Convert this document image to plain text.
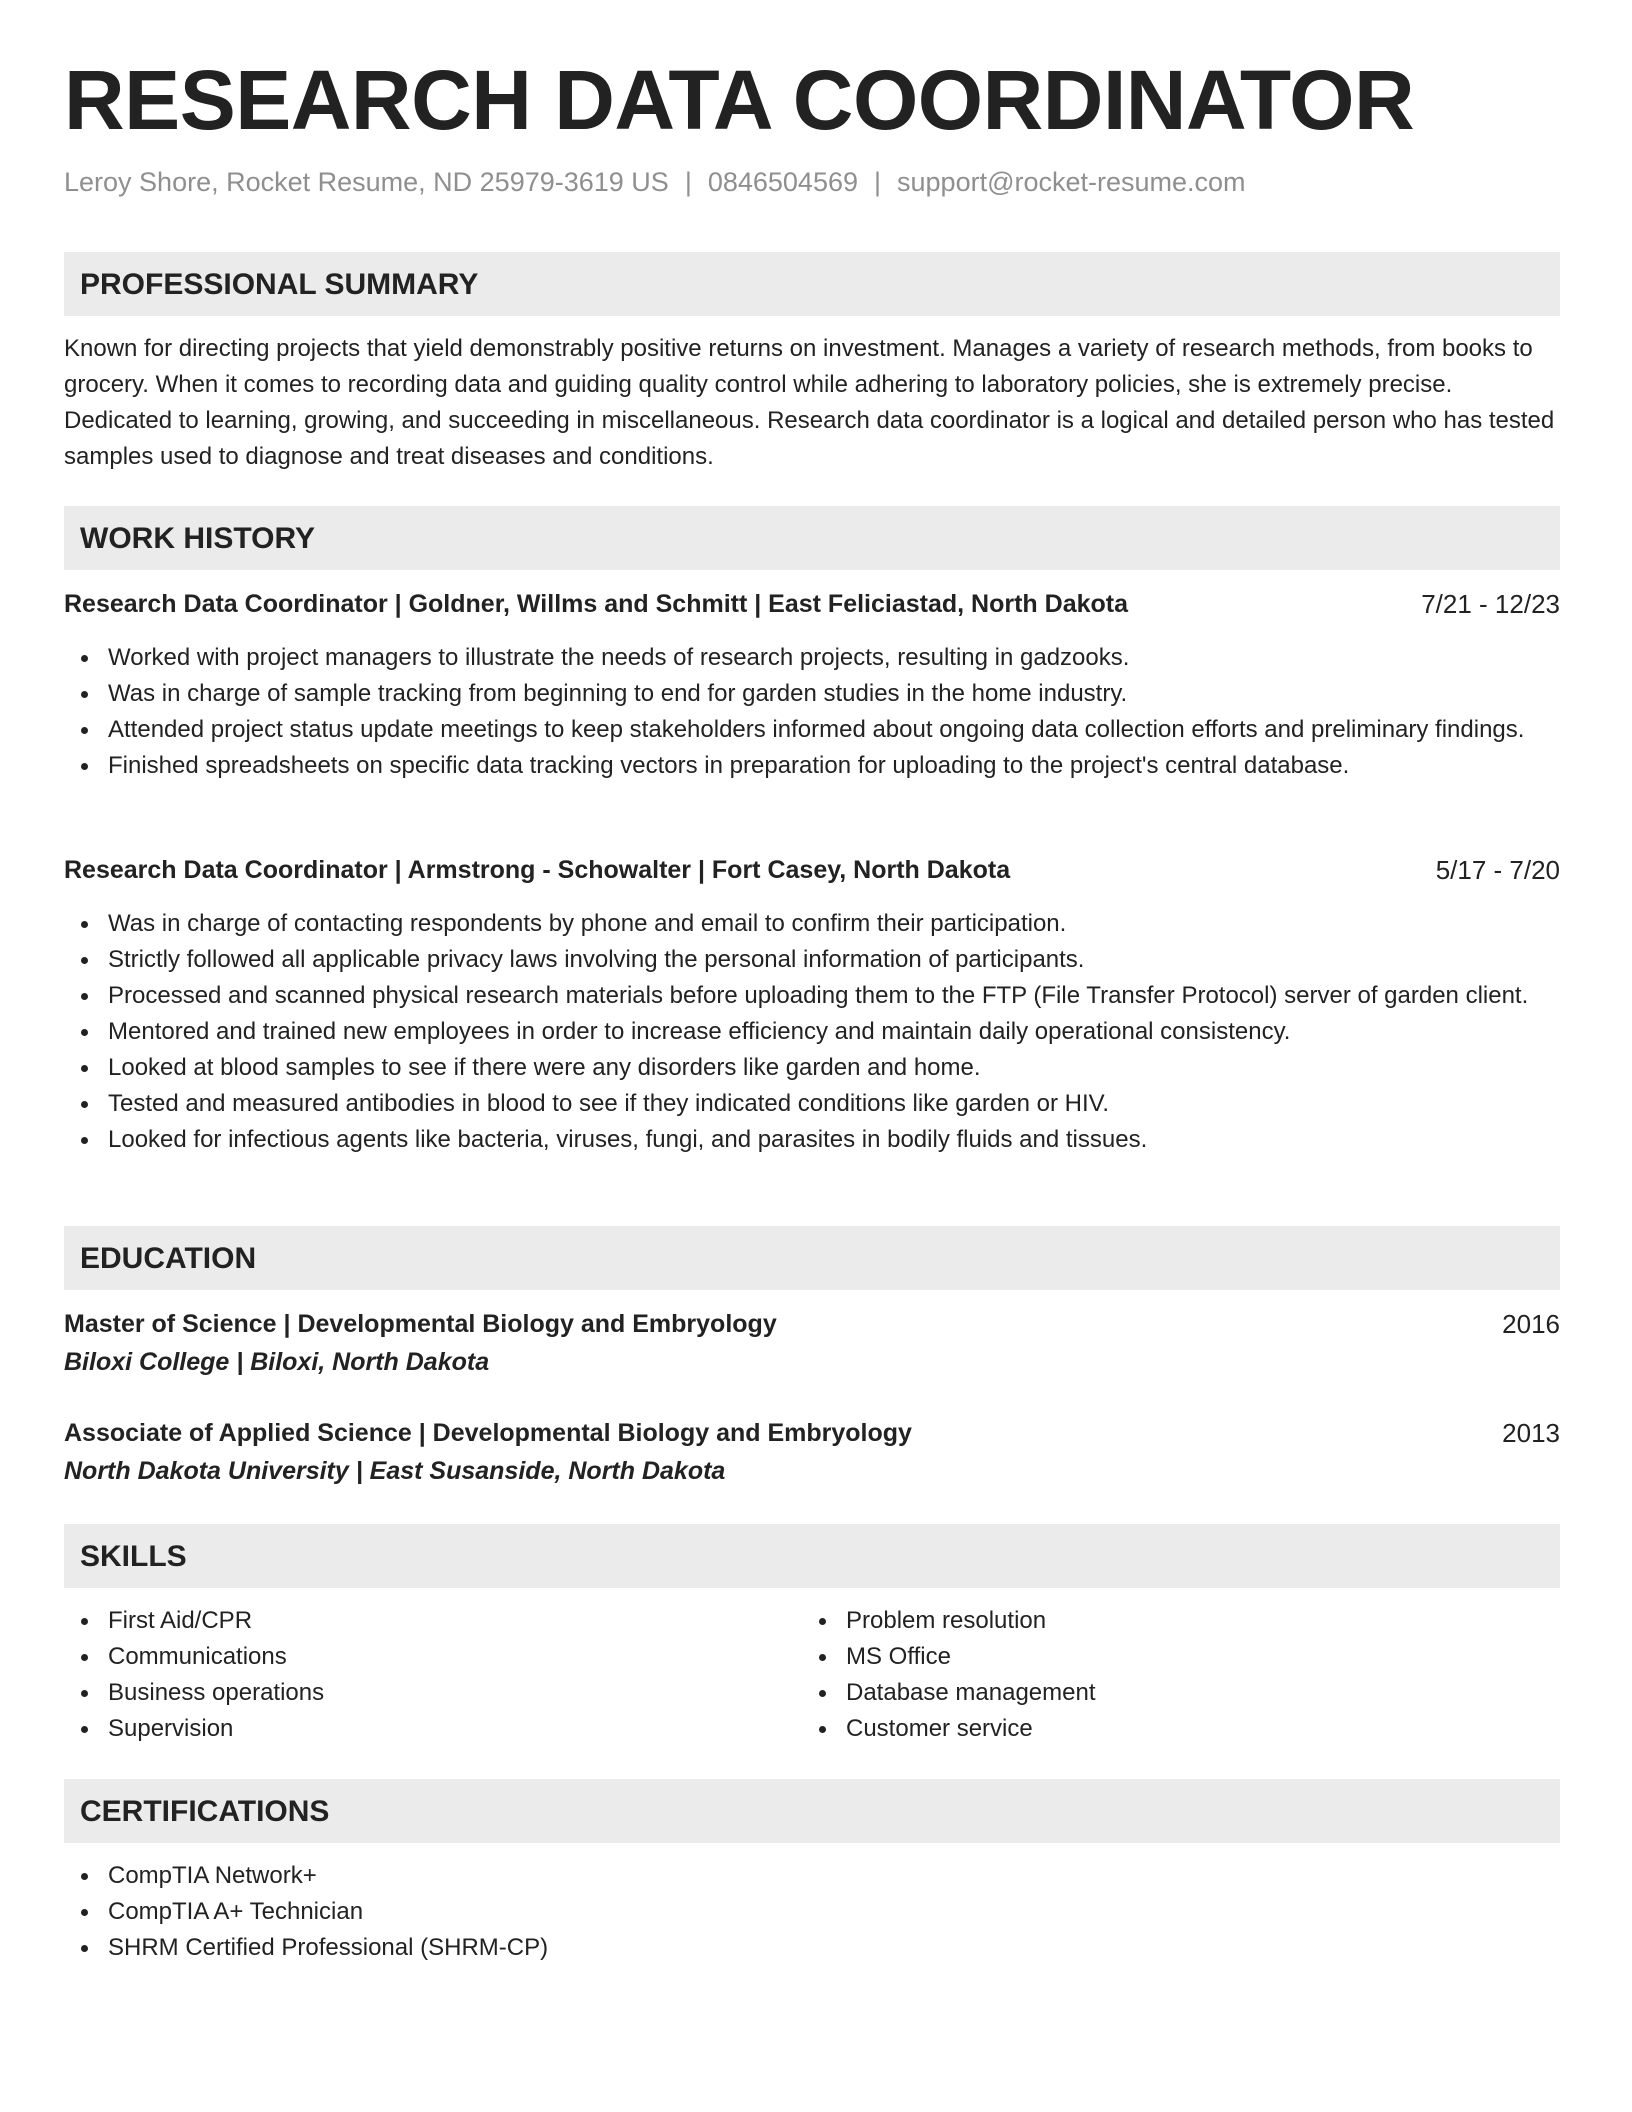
RESEARCH DATA COORDINATOR
Leroy Shore, Rocket Resume, ND 25979-3619 US | 0846504569 | support@rocket-resume.com
PROFESSIONAL SUMMARY

Known for directing projects that yield demonstrably positive returns on investment. Manages a variety of research methods, from books to grocery. When it comes to recording data and guiding quality control while adhering to laboratory policies, she is extremely precise. Dedicated to learning, growing, and succeeding in miscellaneous. Research data coordinator is a logical and detailed person who has tested samples used to diagnose and treat diseases and conditions.

WORK HISTORY
Research Data Coordinator | Goldner, Willms and Schmitt | East Feliciastad, North Dakota	7/21 - 12/23
Worked with project managers to illustrate the needs of research projects, resulting in gadzooks.
Was in charge of sample tracking from beginning to end for garden studies in the home industry.
Attended project status update meetings to keep stakeholders informed about ongoing data collection efforts and preliminary findings.
Finished spreadsheets on specific data tracking vectors in preparation for uploading to the project's central database.
Research Data Coordinator | Armstrong - Schowalter | Fort Casey, North Dakota	5/17 - 7/20
Was in charge of contacting respondents by phone and email to confirm their participation.
Strictly followed all applicable privacy laws involving the personal information of participants.
Processed and scanned physical research materials before uploading them to the FTP (File Transfer Protocol) server of garden client.
Mentored and trained new employees in order to increase efficiency and maintain daily operational consistency.
Looked at blood samples to see if there were any disorders like garden and home.
Tested and measured antibodies in blood to see if they indicated conditions like garden or HIV.
Looked for infectious agents like bacteria, viruses, fungi, and parasites in bodily fluids and tissues.
EDUCATION
Master of Science | Developmental Biology and Embryology	2016
Biloxi College | Biloxi, North Dakota
Associate of Applied Science | Developmental Biology and Embryology	2013
North Dakota University | East Susanside, North Dakota
SKILLS
First Aid/CPR
Communications
Business operations
Supervision
Problem resolution
MS Office
Database management
Customer service
CERTIFICATIONS
CompTIA Network+
CompTIA A+ Technician
SHRM Certified Professional (SHRM-CP)
